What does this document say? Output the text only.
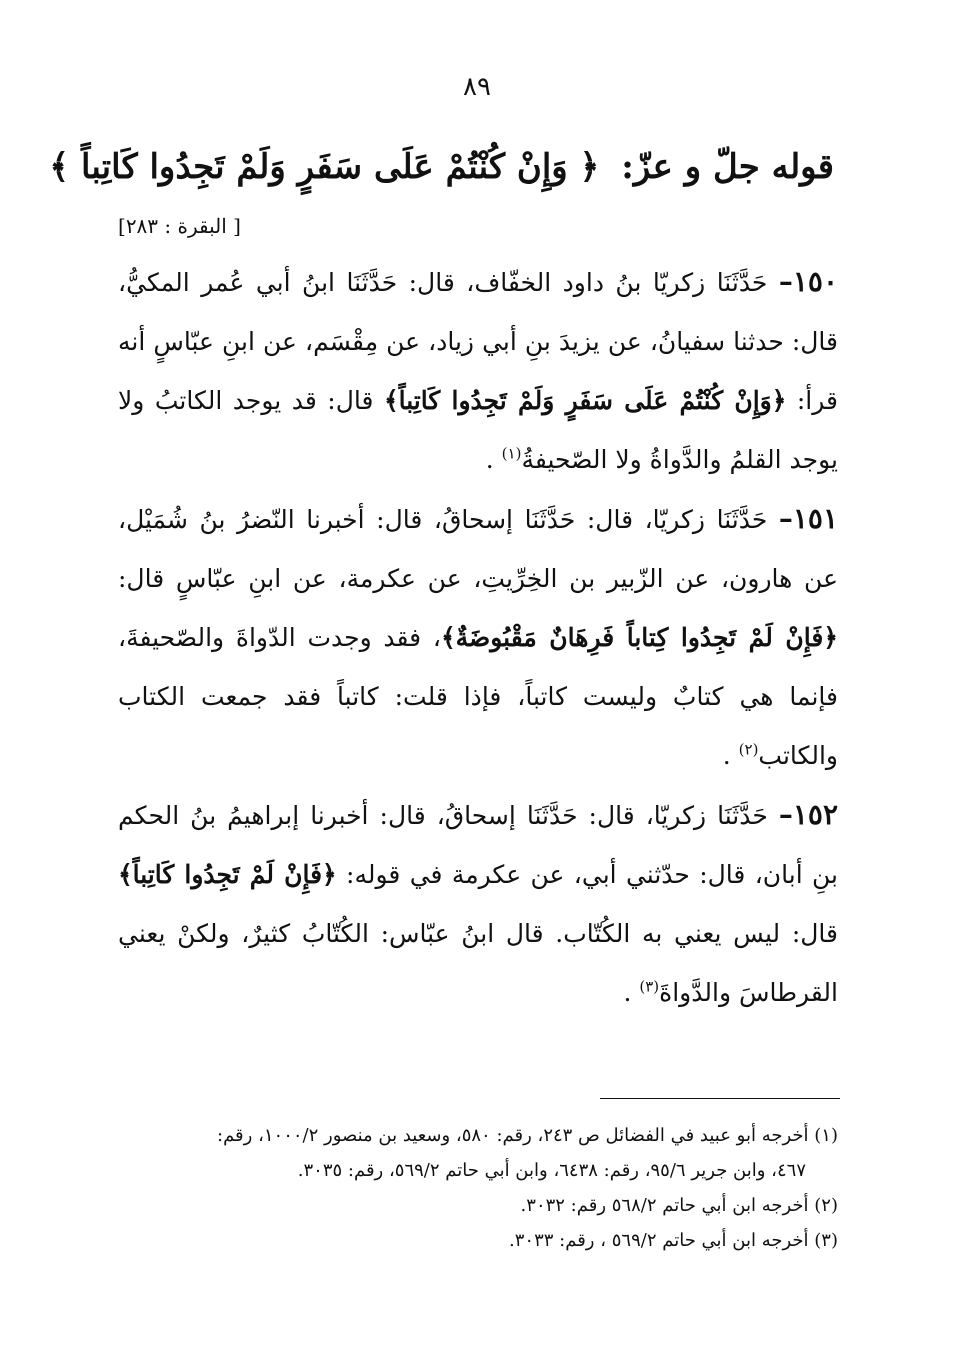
٨٩
قوله جلّ و عزّ: ﴿ وَإِنْ كُنْتُمْ عَلَى سَفَرٍ وَلَمْ تَجِدُوا كَاتِباً ﴾
[ البقرة : ٢٨٣]

١٥٠– حَدَّثَنَا زكريّا بنُ داود الخفّاف، قال: حَدَّثَنَا ابنُ أبي عُمر المكيُّ، قال: حدثنا سفيانُ، عن يزيدَ بنِ أبي زياد، عن مِقْسَم، عن ابنِ عبّاسٍ أنه قرأ: ﴿وَإِنْ كُنْتُمْ عَلَى سَفَرٍ وَلَمْ تَجِدُوا كَاتِباً﴾ قال: قد يوجد الكاتبُ ولا يوجد القلمُ والدَّواةُ ولا الصّحيفةُ$^{(١)}$ .

١٥١– حَدَّثَنَا زكريّا، قال: حَدَّثَنَا إسحاقُ، قال: أخبرنا النّضرُ بنُ شُمَيْل، عن هارون، عن الزّبير بن الخِرِّيتِ، عن عكرمة، عن ابنِ عبّاسٍ قال: ﴿فَإِنْ لَمْ تَجِدُوا كِتاباً فَرِهَانٌ مَقْبُوضَةٌ﴾، فقد وجدت الدّواةَ والصّحيفةَ، فإنما هي كتابٌ وليست كاتباً، فإذا قلت: كاتباً فقد جمعت الكتاب والكاتب$^{(٢)}$ .

١٥٢– حَدَّثَنَا زكريّا، قال: حَدَّثَنَا إسحاقُ، قال: أخبرنا إبراهيمُ بنُ الحكم بنِ أبان، قال: حدّثني أبي، عن عكرمة في قوله: ﴿فَإِنْ لَمْ تَجِدُوا كَاتِباً﴾ قال: ليس يعني به الكُتّاب. قال ابنُ عبّاس: الكُتّابُ كثيرٌ، ولكنْ يعني القرطاسَ والدَّواةَ$^{(٣)}$ .

(١) أخرجه أبو عبيد في الفضائل ص ٢٤٣، رقم: ٥٨٠، وسعيد بن منصور ١٠٠٠/٢، رقم:

٤٦٧، وابن جرير ٩٥/٦، رقم: ٦٤٣٨، وابن أبي حاتم ٥٦٩/٢، رقم: ٣٠٣٥.

(٢) أخرجه ابن أبي حاتم ٥٦٨/٢ رقم: ٣٠٣٢.

(٣) أخرجه ابن أبي حاتم ٥٦٩/٢ ، رقم: ٣٠٣٣.
